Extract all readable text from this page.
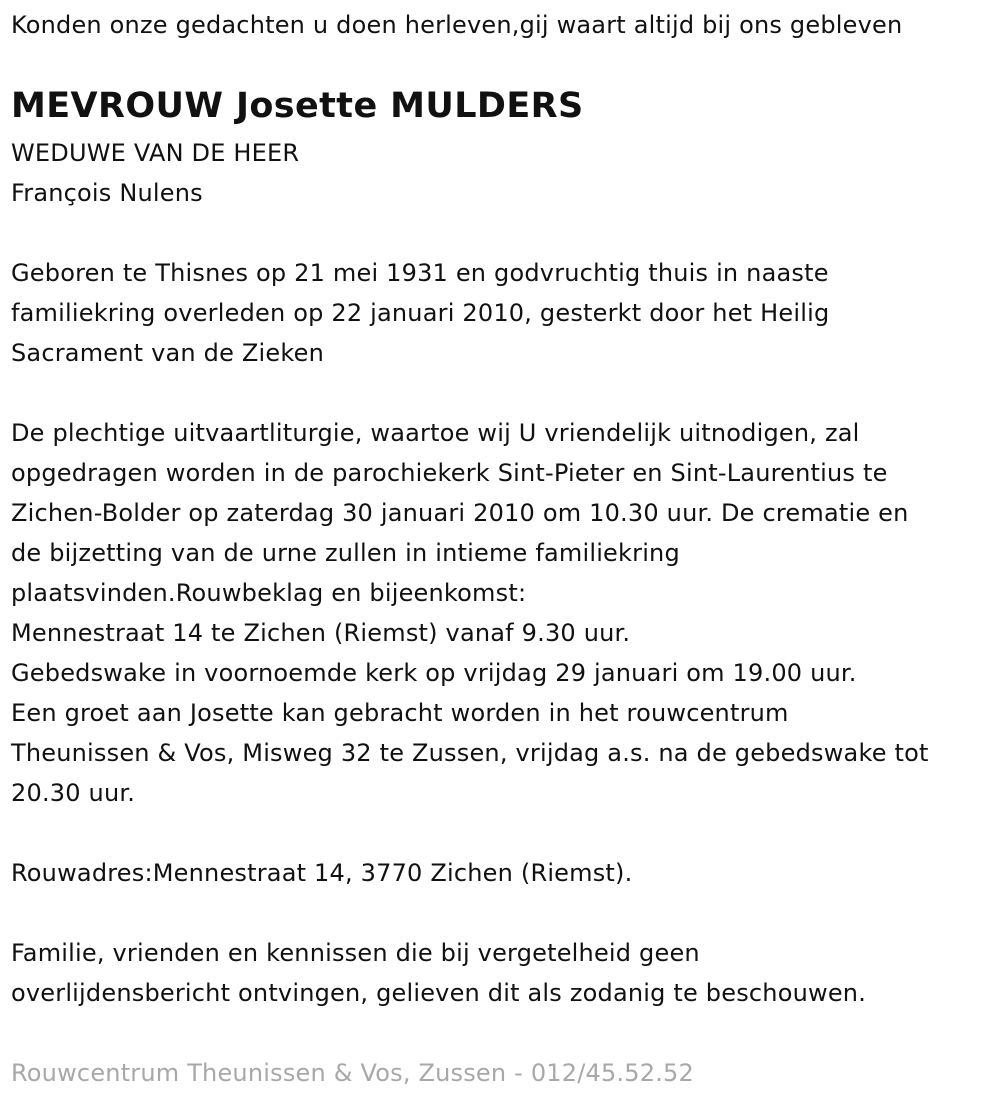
Konden onze gedachten u doen herleven,gij waart altijd bij ons gebleven
MEVROUW Josette MULDERS
WEDUWE VAN DE HEER
François Nulens
Geboren te Thisnes op 21 mei 1931 en godvruchtig thuis in naaste
familiekring overleden op 22 januari 2010, gesterkt door het Heilig
Sacrament van de Zieken
De plechtige uitvaartliturgie, waartoe wij U vriendelijk uitnodigen, zal
opgedragen worden in de parochiekerk Sint-Pieter en Sint-Laurentius te
Zichen-Bolder op zaterdag 30 januari 2010 om 10.30 uur. De crematie en
de bijzetting van de urne zullen in intieme familiekring
plaatsvinden.Rouwbeklag en bijeenkomst:
Mennestraat 14 te Zichen (Riemst) vanaf 9.30 uur.
Gebedswake in voornoemde kerk op vrijdag 29 januari om 19.00 uur.
Een groet aan Josette kan gebracht worden in het rouwcentrum
Theunissen & Vos, Misweg 32 te Zussen, vrijdag a.s. na de gebedswake tot
20.30 uur.
Rouwadres:Mennestraat 14, 3770 Zichen (Riemst).
Familie, vrienden en kennissen die bij vergetelheid geen
overlijdensbericht ontvingen, gelieven dit als zodanig te beschouwen.
Rouwcentrum Theunissen & Vos, Zussen - 012/45.52.52
